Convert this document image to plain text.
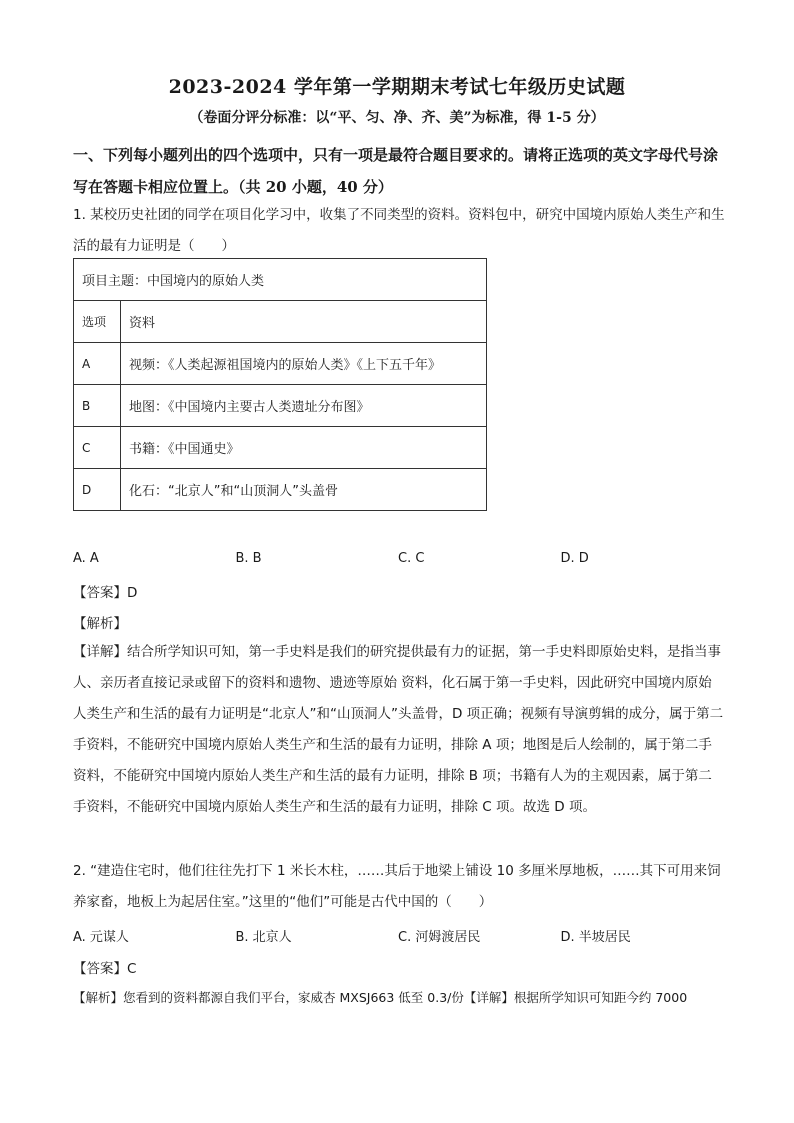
2023-2024 学年第一学期期末考试七年级历史试题
（卷面分评分标准：以“平、匀、净、齐、美”为标准，得 1-5 分）
一、下列每小题列出的四个选项中，只有一项是最符合题目要求的。请将正选项的英文字母代号涂写在答题卡相应位置上。（共 20 小题，40 分）
1. 某校历史社团的同学在项目化学习中，收集了不同类型的资料。资料包中，研究中国境内原始人类生产和生活的最有力证明是（　　）
项目主题：中国境内的原始人类	
选项	资料
A	视频：《人类起源祖国境内的原始人类》《上下五千年》
B	地图：《中国境内主要古人类遗址分布图》
C	书籍：《中国通史》
D	化石：“北京人”和“山顶洞人”头盖骨
A. A	B. B	C. C	D. D
【答案】D
【解析】
【详解】结合所学知识可知，第一手史料是我们的研究提供最有力的证据，第一手史料即原始史料，是指当事人、亲历者直接记录或留下的资料和遗物、遗迹等原始 资料，化石属于第一手史料，因此研究中国境内原始人类生产和生活的最有力证明是“北京人”和“山顶洞人”头盖骨，D 项正确；视频有导演剪辑的成分，属于第二手资料，不能研究中国境内原始人类生产和生活的最有力证明，排除 A 项；地图是后人绘制的，属于第二手资料，不能研究中国境内原始人类生产和生活的最有力证明，排除 B 项；书籍有人为的主观因素，属于第二手资料，不能研究中国境内原始人类生产和生活的最有力证明，排除 C 项。故选 D 项。
2. “建造住宅时，他们往往先打下 1 米长木柱，……其后于地梁上铺设 10 多厘米厚地板，……其下可用来饲养家畜，地板上为起居住室。”这里的“他们”可能是古代中国的（　　）
A. 元谋人	B. 北京人	C. 河姆渡居民	D. 半坡居民
【答案】C
【解析】您看到的资料都源自我们平台，家威杏 MXSJ663 低至 0.3/份【详解】根据所学知识可知距今约 7000
